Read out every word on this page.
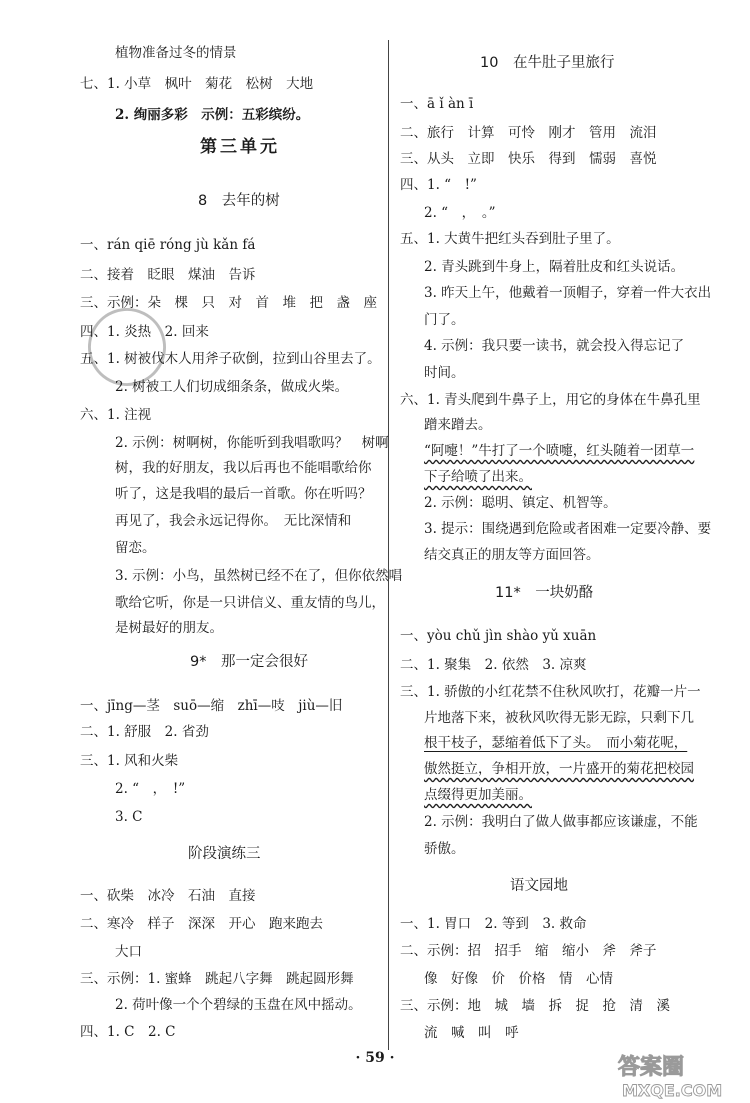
植物准备过冬的情景
七、1. 小草　枫叶　菊花　松树　大地
2. 绚丽多彩　示例：五彩缤纷。
第三单元
8　去年的树
一、rán qiē róng jù kǎn fá
二、接着　眨眼　煤油　告诉
三、示例：朵　棵　只　对　首　堆　把　盏　座
四、1. 炎热　2. 回来
五、1. 树被伐木人用斧子砍倒，拉到山谷里去了。
2. 树被工人们切成细条条，做成火柴。
六、1. 注视
2. 示例：树啊树，你能听到我唱歌吗？　树啊
树，我的好朋友，我以后再也不能唱歌给你
听了，这是我唱的最后一首歌。你在听吗？
再见了，我会永远记得你。　无比深情和
留恋。
3. 示例：小鸟，虽然树已经不在了，但你依然唱
歌给它听，你是一只讲信义、重友情的鸟儿，
是树最好的朋友。
9*　那一定会很好
一、jīng—茎　suō—缩　zhī—吱　jiù—旧
二、1. 舒服　2. 省劲
三、1. 风和火柴
2. “　，　!”
3. C
阶段演练三
一、砍柴　冰冷　石油　直接
二、寒冷　样子　深深　开心　跑来跑去
大口
三、示例：1. 蜜蜂　跳起八字舞　跳起圆形舞
2. 荷叶像一个个碧绿的玉盘在风中摇动。
四、1. C　2. C
10　在牛肚子里旅行
一、ā ǐ àn ī
二、旅行　计算　可怜　刚才　管用　流泪
三、从头　立即　快乐　得到　懦弱　喜悦
四、1. “　!”
2. “　，　。”
五、1. 大黄牛把红头吞到肚子里了。
2. 青头跳到牛身上，隔着肚皮和红头说话。
3. 昨天上午，他戴着一顶帽子，穿着一件大衣出
门了。
4. 示例：我只要一读书，就会投入得忘记了
时间。
六、1. 青头爬到牛鼻子上，用它的身体在牛鼻孔里
蹭来蹭去。
“阿嚏！”牛打了一个喷嚏，红头随着一团草一
下子给喷了出来。
2. 示例：聪明、镇定、机智等。
3. 提示：围绕遇到危险或者困难一定要冷静、要
结交真正的朋友等方面回答。
11*　一块奶酪
一、yòu chǔ jìn shào yǔ xuān
二、1. 聚集　2. 依然　3. 凉爽
三、1. 骄傲的小红花禁不住秋风吹打，花瓣一片一
片地落下来，被秋风吹得无影无踪，只剩下几
根干枝子，瑟缩着低下了头。　而小菊花呢，
傲然挺立，争相开放，一片盛开的菊花把校园
点缀得更加美丽。
2. 示例：我明白了做人做事都应该谦虚，不能
骄傲。
语文园地
一、1. 胃口　2. 等到　3. 救命
二、示例：招　招手　缩　缩小　斧　斧子
像　好像　价　价格　情　心情
三、示例：地　城　墙　拆　捉　抢　清　溪
流　喊　叫　呼
· 59 ·	答案圈
MXQE.COM
